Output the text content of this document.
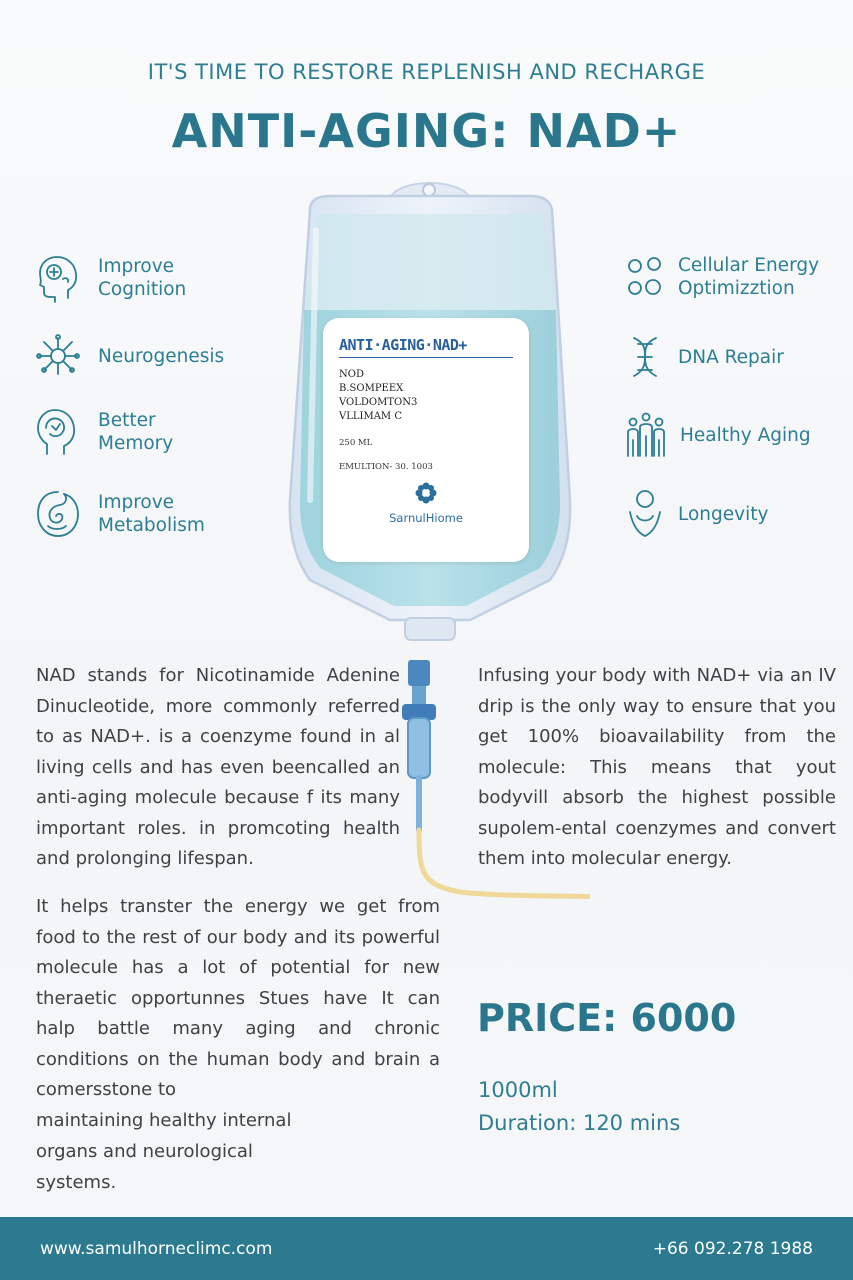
IT'S TIME TO RESTORE REPLENISH AND RECHARGE
ANTI-AGING: NAD+
Improve
Cognition
Neurogenesis
Better
Memory
Improve
Metabolism
Cellular Energy
Optimizztion
DNA Repair
Healthy Aging
Longevity
ANTI·AGING·NAD+
NOD
B.SOMPEEX
VOLDOMTON3
VLLIMAM C
250 ML
EMULTION- 30. 1003
SarnulHiome
NAD stands for Nicotinamide Adenine Dinucleotide, more commonly referred to as NAD+. is a coenzyme found in al living cells and has even beencalled an anti-aging molecule because f its many important roles. in promcoting health and prolonging lifespan.
Infusing your body with NAD+ via an IV drip is the only way to ensure that you get 100% bioavailability from the molecule: This means that yout bodyvill absorb the highest possible supolem-ental coenzymes and convert them into molecular energy.
It helps transter the energy we get from food to the rest of our body and its powerful molecule has a lot of potential for new theraetic opportunnes Stues have It can halp battle many aging and chronic conditions on the human body and brain a comersstone to
maintaining healthy internal
organs and neurological
systems.
PRICE: 6000
1000ml
Duration: 120 mins
www.samulhorneclimc.com	+66 092.278 1988
